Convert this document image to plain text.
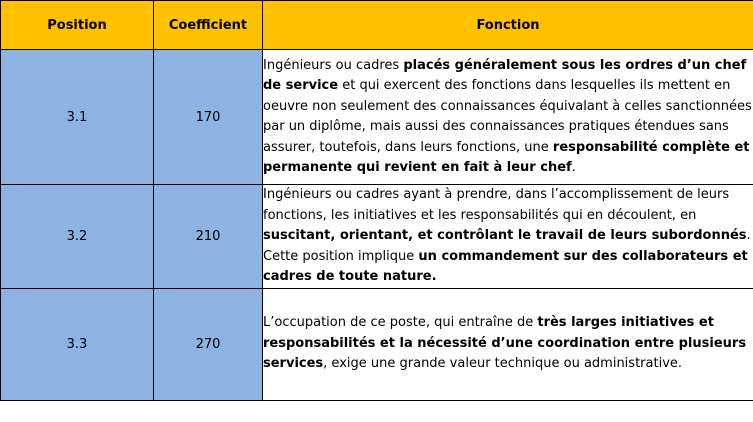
Position	Coefficient	Fonction
3.1	170	Ingénieurs ou cadres placés généralement sous les ordres d’un chef de service et qui exercent des fonctions dans lesquelles ils mettent en oeuvre non seulement des connaissances équivalant à celles sanctionnées par un diplôme, mais aussi des connaissances pratiques étendues sans assurer, toutefois, dans leurs fonctions, une responsabilité complète et permanente qui revient en fait à leur chef.
3.2	210	Ingénieurs ou cadres ayant à prendre, dans l’accomplissement de leurs fonctions, les initiatives et les responsabilités qui en découlent, en suscitant, orientant, et contrôlant le travail de leurs subordonnés. Cette position implique un commandement sur des collaborateurs et cadres de toute nature.
3.3	270	L’occupation de ce poste, qui entraîne de très larges initiatives et responsabilités et la nécessité d’une coordination entre plusieurs services, exige une grande valeur technique ou administrative.
